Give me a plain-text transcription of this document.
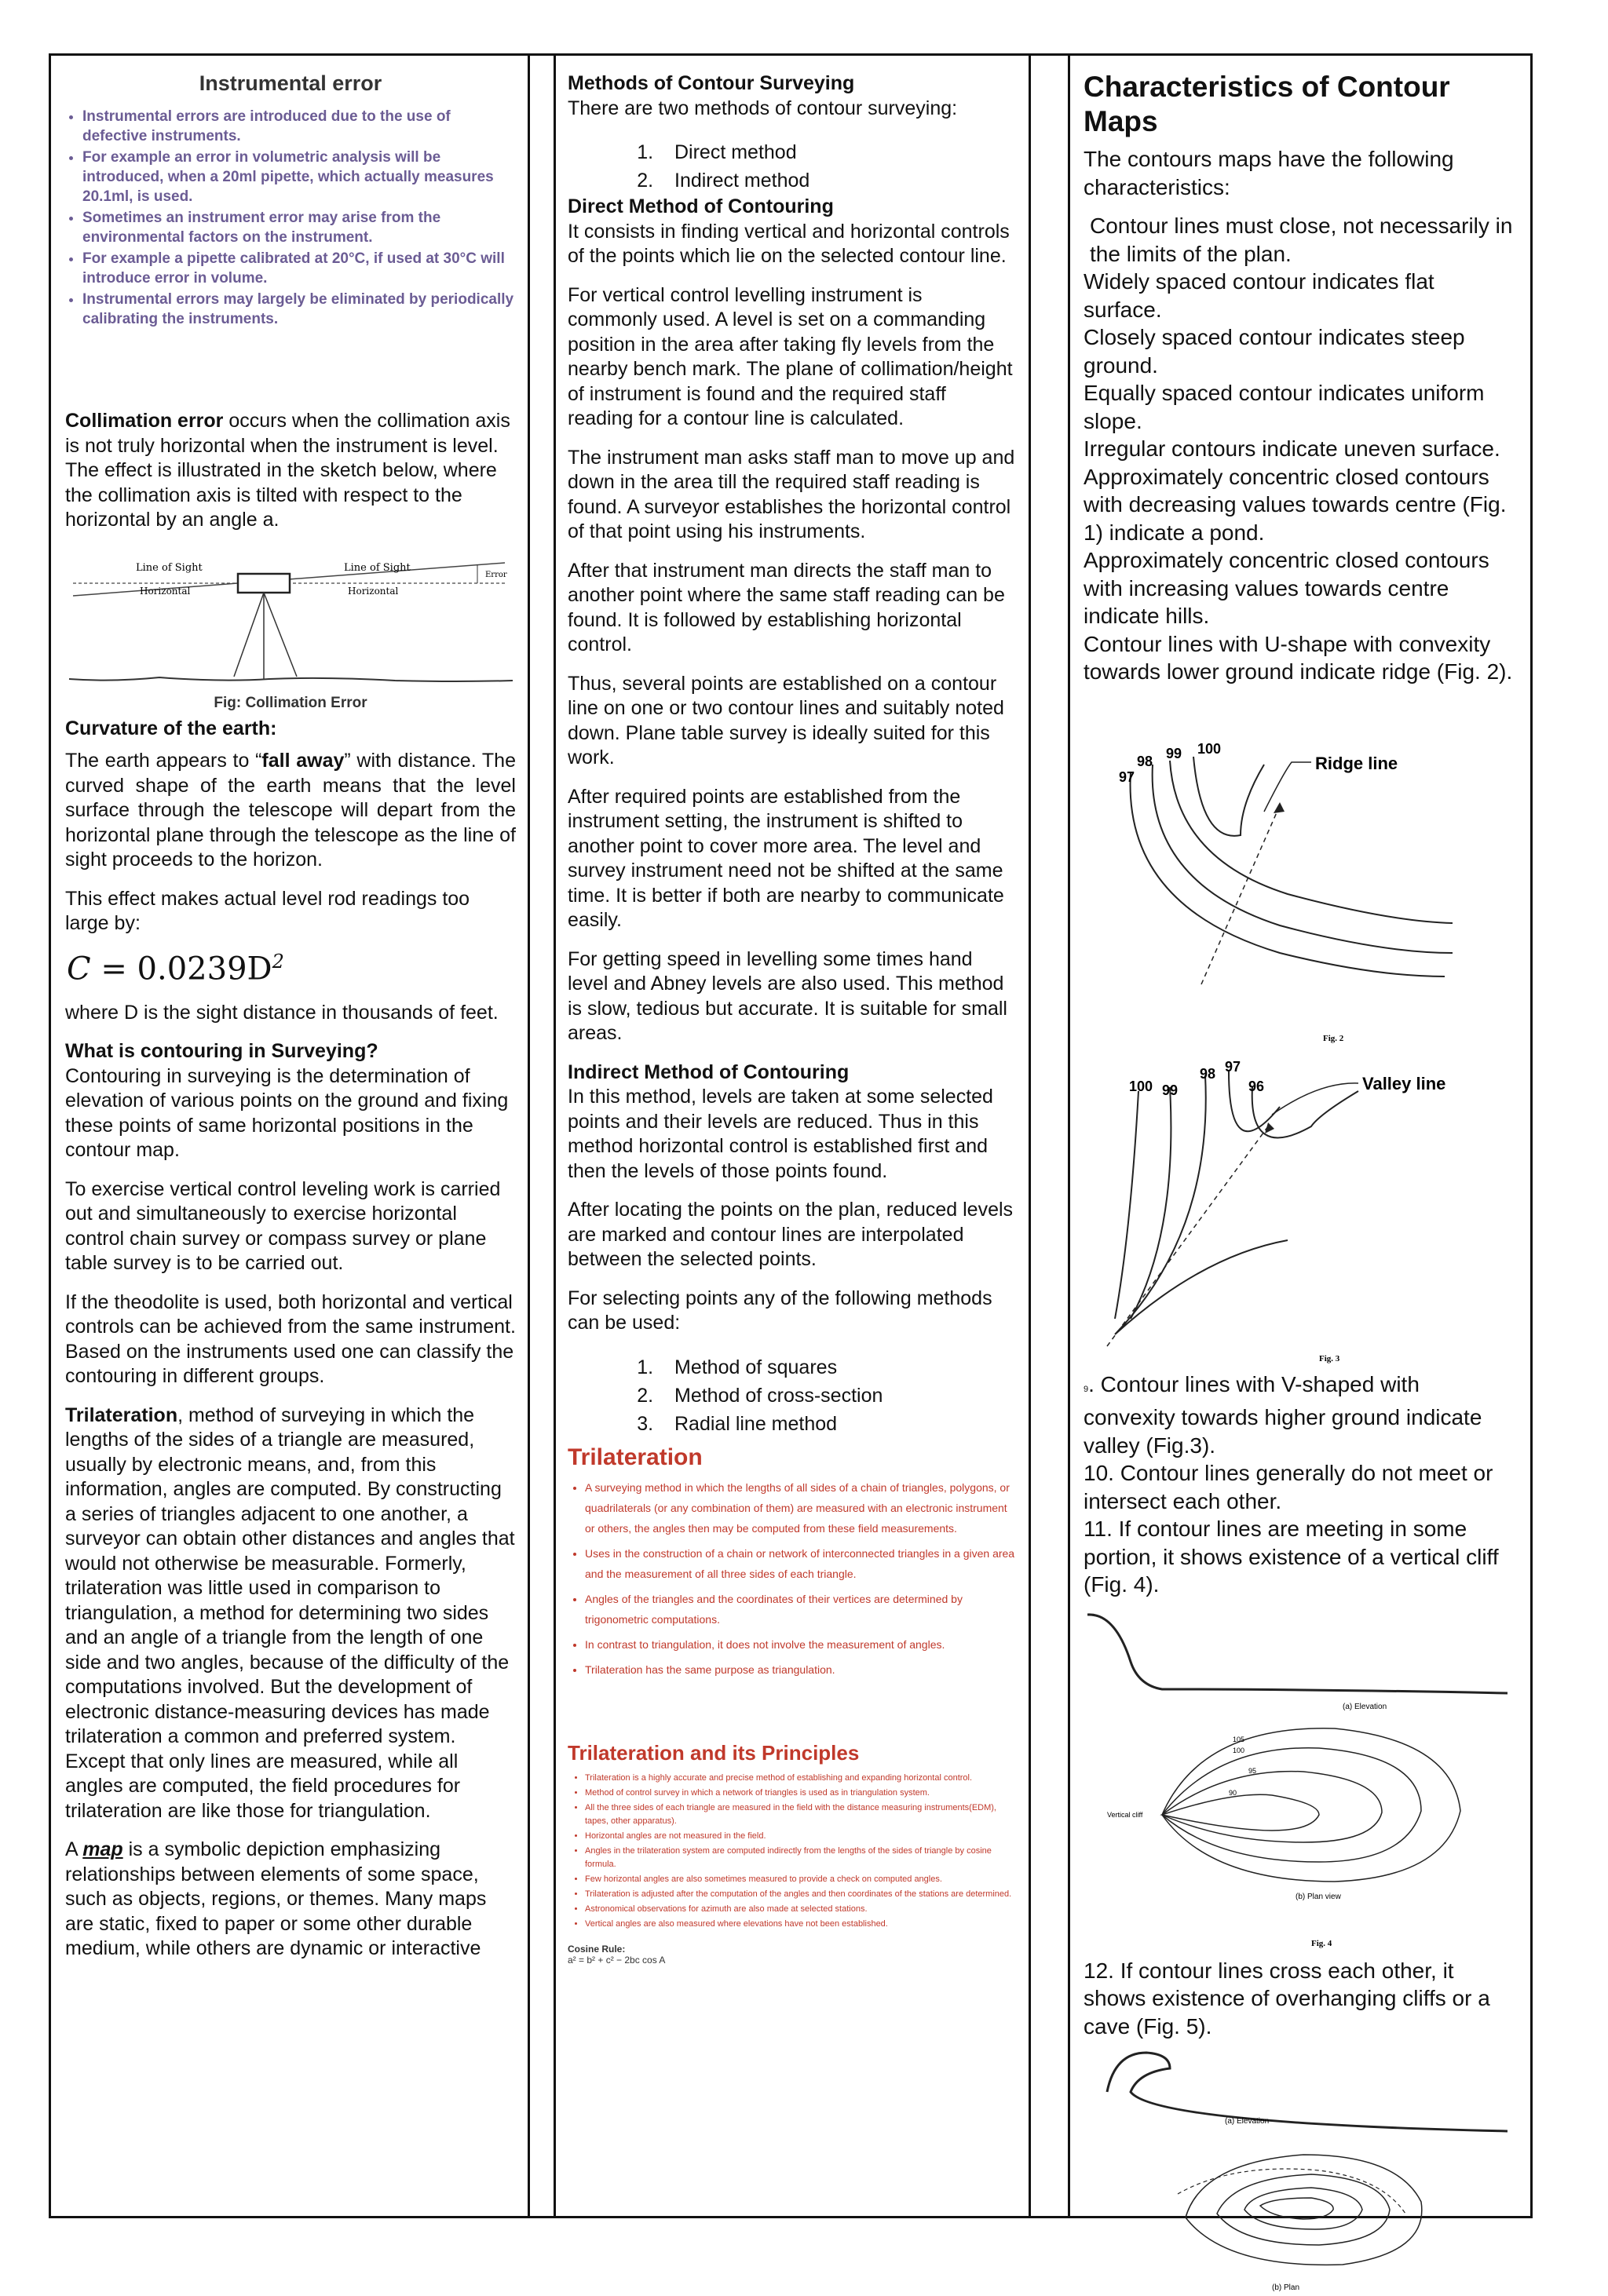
Instrumental error
• Instrumental errors are introduced due to the use of defective instruments.
• For example an error in volumetric analysis will be introduced, when a 20ml pipette, which actually measures 20.1ml, is used.
• Sometimes an instrument error may arise from the environmental factors on the instrument.
• For example a pipette calibrated at 20°C, if used at 30°C will introduce error in volume.
• Instrumental errors may largely be eliminated by periodically calibrating the instruments.

Collimation error occurs when the collimation axis is not truly horizontal when the instrument is level. The effect is illustrated in the sketch below, where the collimation axis is tilted with respect to the horizontal by an angle a.

Line of Sight
Horizontal
Line of Sight
Horizontal
Error
Fig: Collimation Error

Curvature of the earth:

The earth appears to “fall away” with distance. The curved shape of the earth means that the level surface through the telescope will depart from the horizontal plane through the telescope as the line of sight proceeds to the horizon.

This effect makes actual level rod readings too large by:

$C = 0.0239D^2$

where D is the sight distance in thousands of feet.

What is contouring in Surveying?
Contouring in surveying is the determination of elevation of various points on the ground and fixing these points of same horizontal positions in the contour map.

To exercise vertical control leveling work is carried out and simultaneously to exercise horizontal control chain survey or compass survey or plane table survey is to be carried out.

If the theodolite is used, both horizontal and vertical controls can be achieved from the same instrument. Based on the instruments used one can classify the contouring in different groups.

Trilateration, method of surveying in which the lengths of the sides of a triangle are measured, usually by electronic means, and, from this information, angles are computed. By constructing a series of triangles adjacent to one another, a surveyor can obtain other distances and angles that would not otherwise be measurable. Formerly, trilateration was little used in comparison to triangulation, a method for determining two sides and an angle of a triangle from the length of one side and two angles, because of the difficulty of the computations involved. But the development of electronic distance-measuring devices has made trilateration a common and preferred system. Except that only lines are measured, while all angles are computed, the field procedures for trilateration are like those for triangulation.

A map is a symbolic depiction emphasizing relationships between elements of some space, such as objects, regions, or themes. Many maps are static, fixed to paper or some other durable medium, while others are dynamic or interactive

Methods of Contour Surveying
There are two methods of contour surveying:

1. Direct method
2. Indirect method

Direct Method of Contouring
It consists in finding vertical and horizontal controls of the points which lie on the selected contour line.

For vertical control levelling instrument is commonly used. A level is set on a commanding position in the area after taking fly levels from the nearby bench mark. The plane of collimation/height of instrument is found and the required staff reading for a contour line is calculated.

The instrument man asks staff man to move up and down in the area till the required staff reading is found. A surveyor establishes the horizontal control of that point using his instruments.

After that instrument man directs the staff man to another point where the same staff reading can be found. It is followed by establishing horizontal control.

Thus, several points are established on a contour line on one or two contour lines and suitably noted down. Plane table survey is ideally suited for this work.

After required points are established from the instrument setting, the instrument is shifted to another point to cover more area. The level and survey instrument need not be shifted at the same time. It is better if both are nearby to communicate easily.

For getting speed in levelling some times hand level and Abney levels are also used. This method is slow, tedious but accurate. It is suitable for small areas.

Indirect Method of Contouring
In this method, levels are taken at some selected points and their levels are reduced. Thus in this method horizontal control is established first and then the levels of those points found.

After locating the points on the plan, reduced levels are marked and contour lines are interpolated between the selected points.

For selecting points any of the following methods can be used:

1. Method of squares
2. Method of cross-section
3. Radial line method
Trilateration
• A surveying method in which the lengths of all sides of a chain of triangles, polygons, or quadrilaterals (or any combination of them) are measured with an electronic instrument or others, the angles then may be computed from these field measurements.
• Uses in the construction of a chain or network of interconnected triangles in a given area and the measurement of all three sides of each triangle.
• Angles of the triangles and the coordinates of their vertices are determined by trigonometric computations.
• In contrast to triangulation, it does not involve the measurement of angles.
• Trilateration has the same purpose as triangulation.
Trilateration and its Principles
• Trilateration is a highly accurate and precise method of establishing and expanding horizontal control.
• Method of control survey in which a network of triangles is used as in triangulation system.
• All the three sides of each triangle are measured in the field with the distance measuring instruments(EDM), tapes, other apparatus).
• Horizontal angles are not measured in the field.
• Angles in the trilateration system are computed indirectly from the lengths of the sides of triangle by cosine formula.
• Few horizontal angles are also sometimes measured to provide a check on computed angles.
• Trilateration is adjusted after the computation of the angles and then coordinates of the stations are determined.
• Astronomical observations for azimuth are also made at selected stations.
• Vertical angles are also measured where elevations have not been established.
Cosine Rule:
a² = b² + c² − 2bc cos A
Characteristics of Contour Maps

The contours maps have the following characteristics:

Contour lines must close, not necessarily in the limits of the plan.

Widely spaced contour indicates flat surface.

Closely spaced contour indicates steep ground.

Equally spaced contour indicates uniform slope.

Irregular contours indicate uneven surface.

Approximately concentric closed contours with decreasing values towards centre (Fig. 1) indicate a pond.

Approximately concentric closed contours with increasing values towards centre indicate hills.

Contour lines with U-shape with convexity towards lower ground indicate ridge (Fig. 2).

97
98 99 100
Ridge line
Fig. 2
100 99
98 97
96	Valley line
Fig. 3

9. Contour lines with V-shaped with convexity towards higher ground indicate valley (Fig.3).

10. Contour lines generally do not meet or intersect each other.

11. If contour lines are meeting in some portion, it shows existence of a vertical cliff (Fig. 4).

(a) Elevation
105
100
95
90
Vertical cliff
(b) Plan view
Fig. 4

12. If contour lines cross each other, it shows existence of overhanging cliffs or a cave (Fig. 5).

(a) Elevation
(b) Plan
